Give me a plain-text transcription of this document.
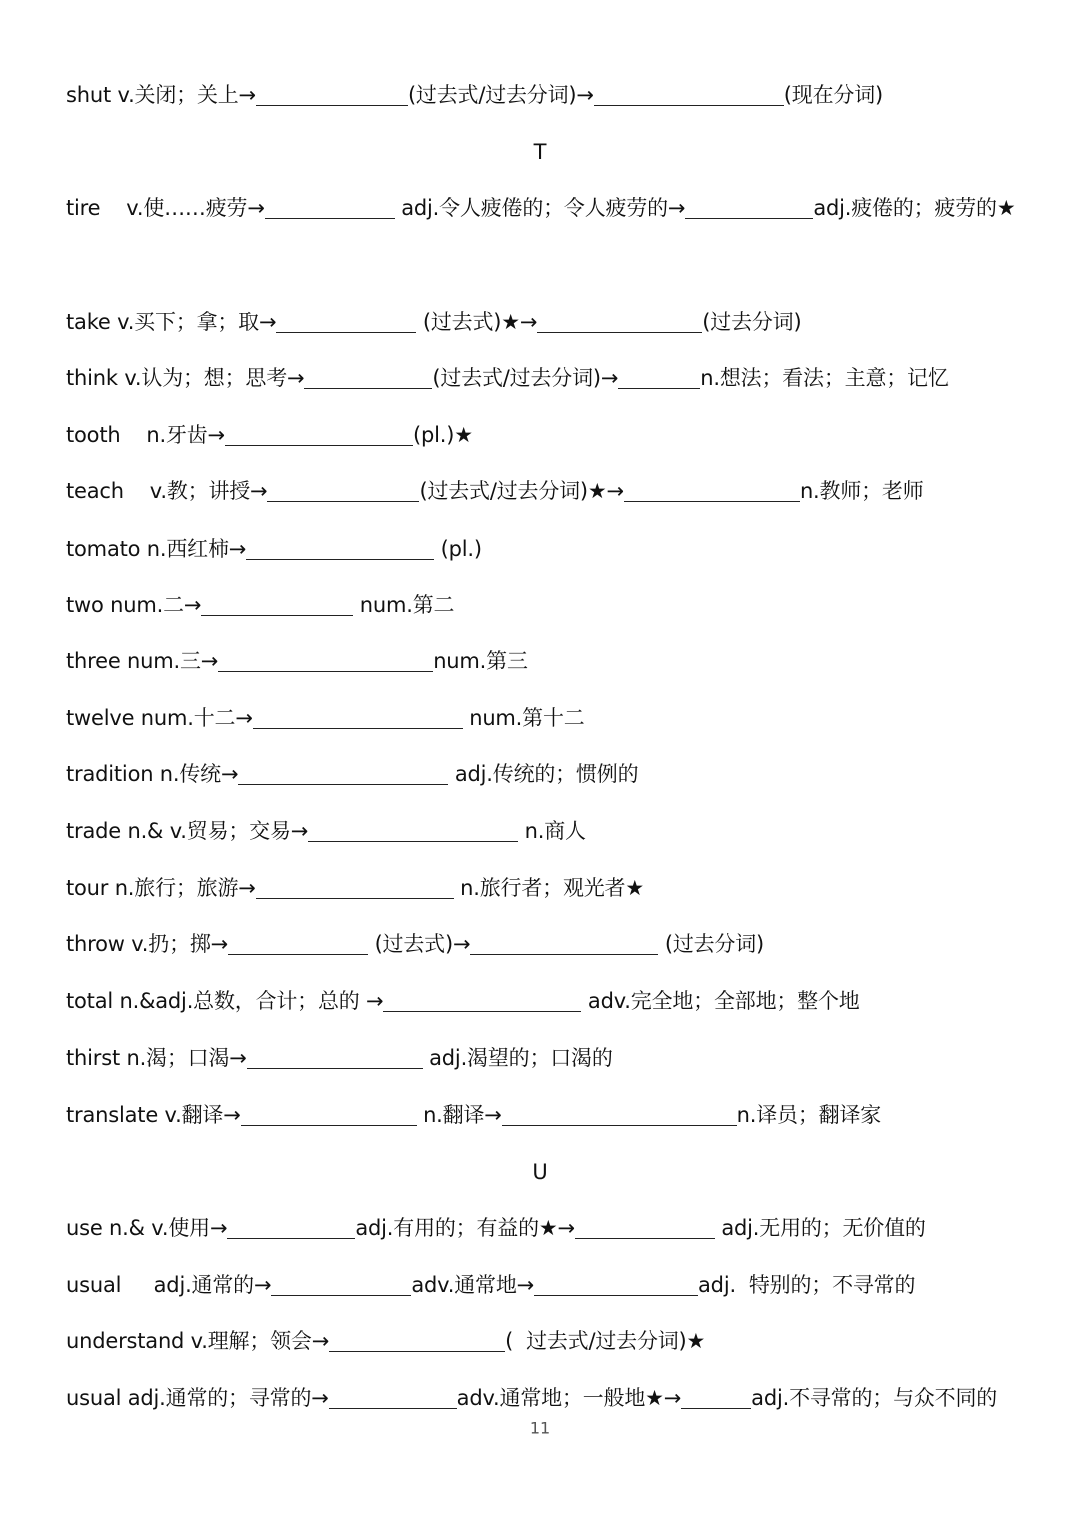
shut v.关闭；关上→	(过去式/过去分词)→	(现在分词)
T
tire    v.使……疲劳→	adj.令人疲倦的；令人疲劳的→	adj.疲倦的；疲劳的★
take v.买下；拿；取→	(过去式)★→	(过去分词)
think v.认为；想；思考→	(过去式/过去分词)→	n.想法；看法；主意；记忆
tooth    n.牙齿→	(pl.)★
teach    v.教；讲授→	(过去式/过去分词)★→	n.教师；老师
tomato n.西红柿→	(pl.)
two num.二→	num.第二
three num.三→	num.第三
twelve num.十二→	num.第十二
tradition n.传统→	adj.传统的；惯例的
trade n.& v.贸易；交易→	n.商人
tour n.旅行；旅游→	n.旅行者；观光者★
throw v.扔；掷→	(过去式)→	(过去分词)
total n.&adj.总数，合计；总的 →	adv.完全地；全部地；整个地
thirst n.渴；口渴→	adj.渴望的；口渴的
translate v.翻译→	n.翻译→	n.译员；翻译家
U
use n.& v.使用→	adj.有用的；有益的★→	adj.无用的；无价值的
usual     adj.通常的→	adv.通常地→	adj.  特别的；不寻常的
understand v.理解；领会→	(  过去式/过去分词)★
usual adj.通常的；寻常的→	adv.通常地；一般地★→	adj.不寻常的；与众不同的
11
